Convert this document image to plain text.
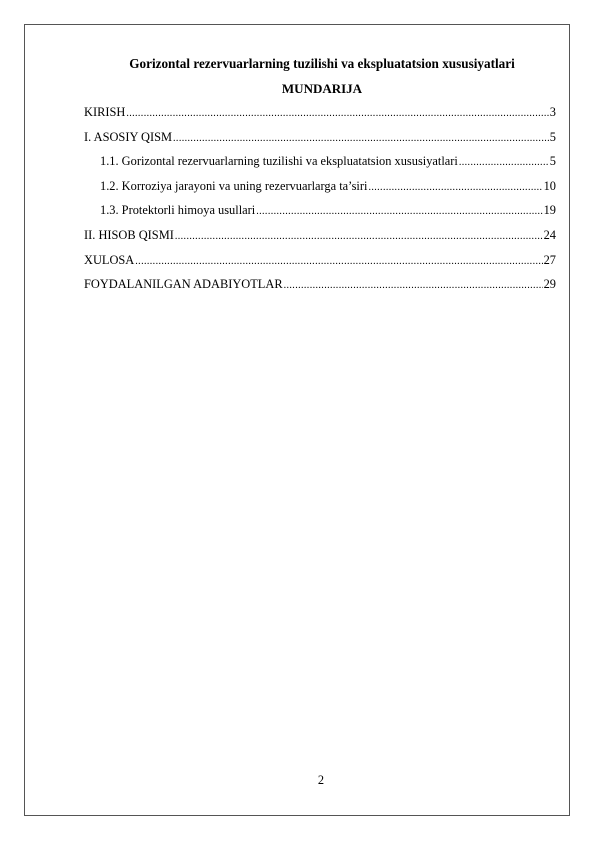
Gorizontal rezervuarlarning tuzilishi va ekspluatatsion xususiyatlari
MUNDARIJA
KIRISH .....	3
I. ASOSIY QISM .....	5
1.1. Gorizontal rezervuarlarning tuzilishi va ekspluatatsion xususiyatlari .....	5
1.2. Korroziya jarayoni va uning rezervuarlarga ta’siri .....	10
1.3. Protektorli himoya usullari .....	19
II. HISOB QISMI .....	24
XULOSA .....	27
FOYDALANILGAN ADABIYOTLAR .....	29
2
